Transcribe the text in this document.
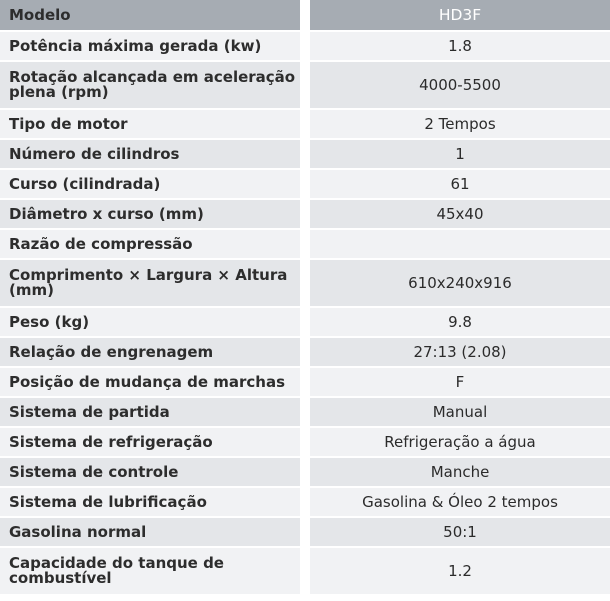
Modelo		HD3F
Potência máxima gerada (kw)		1.8
Rotação alcançada em aceleração plena (rpm)		4000-5500
Tipo de motor		2 Tempos
Número de cilindros		1
Curso (cilindrada)		61
Diâmetro x curso (mm)		45x40
Razão de compressão		
Comprimento × Largura × Altura (mm)		610x240x916
Peso (kg)		9.8
Relação de engrenagem		27:13 (2.08)
Posição de mudança de marchas		F
Sistema de partida		Manual
Sistema de refrigeração		Refrigeração a água
Sistema de controle		Manche
Sistema de lubrificação		Gasolina & Óleo 2 tempos
Gasolina normal		50:1
Capacidade do tanque de combustível		1.2
